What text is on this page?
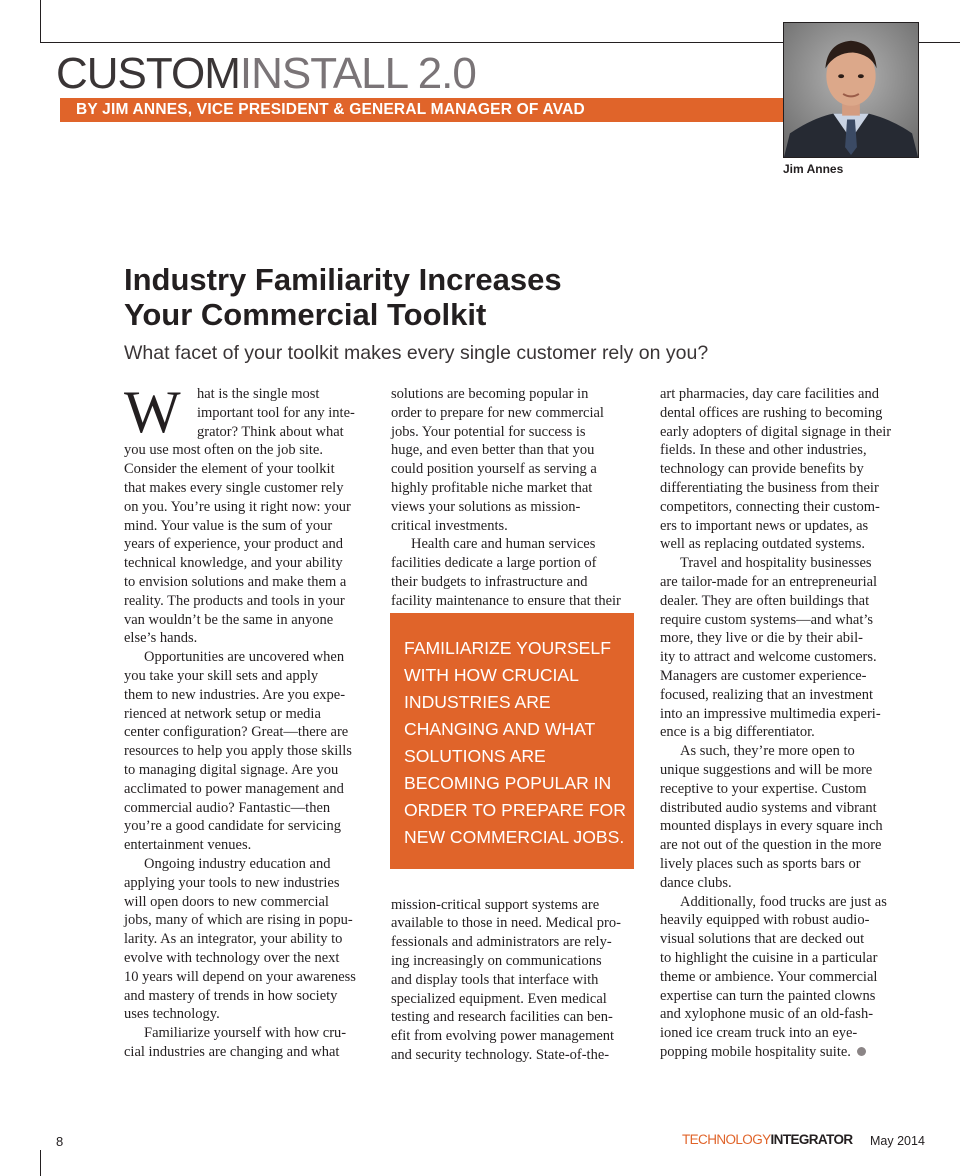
CUSTOMINSTALL 2.0
BY JIM ANNES, VICE PRESIDENT & GENERAL MANAGER OF AVAD
Jim Annes
Industry Familiarity Increases
Your Commercial Toolkit
What facet of your toolkit makes every single customer rely on you?
W	hat is the single most
important tool for any inte-
grator? Think about what
you use most often on the job site.
Consider the element of your toolkit
that makes every single customer rely
on you. You’re using it right now: your
mind. Your value is the sum of your
years of experience, your product and
technical knowledge, and your ability
to envision solutions and make them a
reality. The products and tools in your
van wouldn’t be the same in anyone
else’s hands.
Opportunities are uncovered when
you take your skill sets and apply
them to new industries. Are you expe-
rienced at network setup or media
center configuration? Great—there are
resources to help you apply those skills
to managing digital signage. Are you
acclimated to power management and
commercial audio? Fantastic—then
you’re a good candidate for servicing
entertainment venues.
Ongoing industry education and
applying your tools to new industries
will open doors to new commercial
jobs, many of which are rising in popu-
larity. As an integrator, your ability to
evolve with technology over the next
10 years will depend on your awareness
and mastery of trends in how society
uses technology.
Familiarize yourself with how cru-
cial industries are changing and what
solutions are becoming popular in
order to prepare for new commercial
jobs. Your potential for success is
huge, and even better than that you
could position yourself as serving a
highly profitable niche market that
views your solutions as mission-
critical investments.
Health care and human services
facilities dedicate a large portion of
their budgets to infrastructure and
facility maintenance to ensure that their
mission-critical support systems are
available to those in need. Medical pro-
fessionals and administrators are rely-
ing increasingly on communications
and display tools that interface with
specialized equipment. Even medical
testing and research facilities can ben-
efit from evolving power management
and security technology. State-of-the-
art pharmacies, day care facilities and
dental offices are rushing to becoming
early adopters of digital signage in their
fields. In these and other industries,
technology can provide benefits by
differentiating the business from their
competitors, connecting their custom-
ers to important news or updates, as
well as replacing outdated systems.
Travel and hospitality businesses
are tailor-made for an entrepreneurial
dealer. They are often buildings that
require custom systems—and what’s
more, they live or die by their abil-
ity to attract and welcome customers.
Managers are customer experience-
focused, realizing that an investment
into an impressive multimedia experi-
ence is a big differentiator.
As such, they’re more open to
unique suggestions and will be more
receptive to your expertise. Custom
distributed audio systems and vibrant
mounted displays in every square inch
are not out of the question in the more
lively places such as sports bars or
dance clubs.
Additionally, food trucks are just as
heavily equipped with robust audio-
visual solutions that are decked out
to highlight the cuisine in a particular
theme or ambience. Your commercial
expertise can turn the painted clowns
and xylophone music of an old-fash-
ioned ice cream truck into an eye-
popping mobile hospitality suite.
FAMILIARIZE YOURSELF
WITH HOW CRUCIAL
INDUSTRIES ARE
CHANGING AND WHAT
SOLUTIONS ARE
BECOMING POPULAR IN
ORDER TO PREPARE FOR
NEW COMMERCIAL JOBS.
8	TECHNOLOGYINTEGRATOR May 2014
